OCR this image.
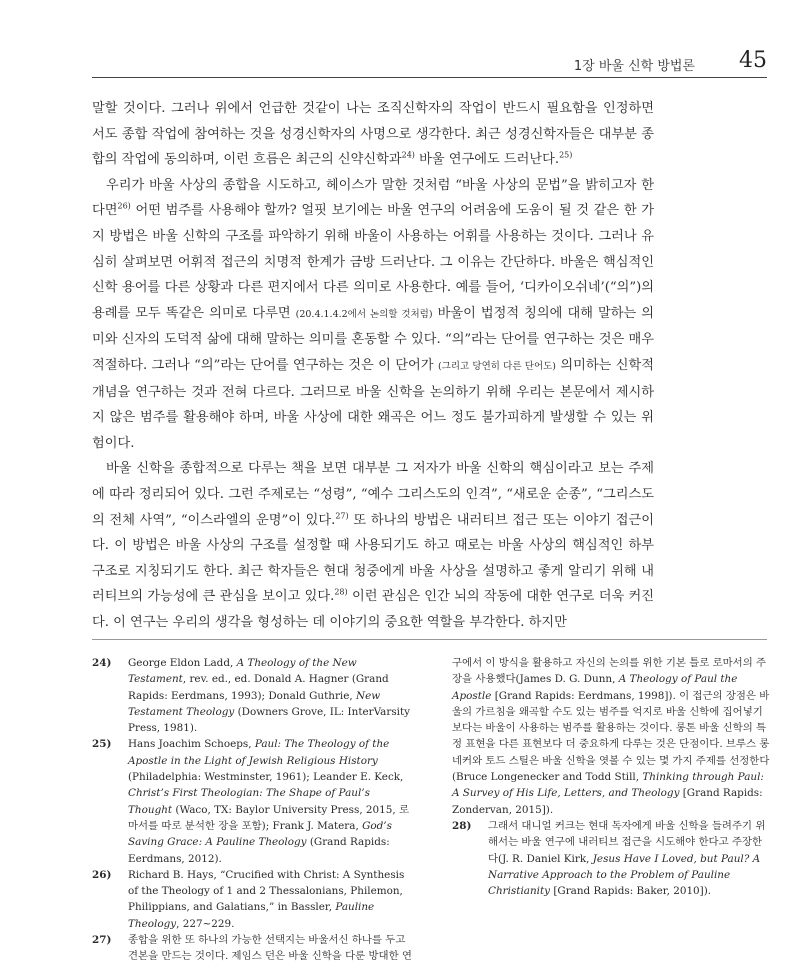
1장 바울 신학 방법론 45

말할 것이다. 그러나 위에서 언급한 것같이 나는 조직신학자의 작업이 반드시 필요함을 인정하면 서도 종합 작업에 참여하는 것을 성경신학자의 사명으로 생각한다. 최근 성경신학자들은 대부분 종합의 작업에 동의하며, 이런 흐름은 최근의 신약신학과$^{24)}$ 바울 연구에도 드러난다.$^{25)}$

우리가 바울 사상의 종합을 시도하고, 헤이스가 말한 것처럼 “바울 사상의 문법”을 밝히고자 한다면$^{26)}$ 어떤 범주를 사용해야 할까? 얼핏 보기에는 바울 연구의 어려움에 도움이 될 것 같은 한 가지 방법은 바울 신학의 구조를 파악하기 위해 바울이 사용하는 어휘를 사용하는 것이다. 그러나 유심히 살펴보면 어휘적 접근의 치명적 한계가 금방 드러난다. 그 이유는 간단하다. 바울은 핵심적인 신학 용어를 다른 상황과 다른 편지에서 다른 의미로 사용한다. 예를 들어, ‘디카이오쉬네’(“의”)의 용례를 모두 똑같은 의미로 다루면 (20.4.1.4.2에서 논의할 것처럼) 바울이 법정적 칭의에 대해 말하는 의미와 신자의 도덕적 삶에 대해 말하는 의미를 혼동할 수 있다. “의”라는 단어를 연구하는 것은 매우 적절하다. 그러나 “의”라는 단어를 연구하는 것은 이 단어가 (그리고 당연히 다른 단어도) 의미하는 신학적 개념을 연구하는 것과 전혀 다르다. 그러므로 바울 신학을 논의하기 위해 우리는 본문에서 제시하지 않은 범주를 활용해야 하며, 바울 사상에 대한 왜곡은 어느 정도 불가피하게 발생할 수 있는 위험이다.

바울 신학을 종합적으로 다루는 책을 보면 대부분 그 저자가 바울 신학의 핵심이라고 보는 주제에 따라 정리되어 있다. 그런 주제로는 “성령”, “예수 그리스도의 인격”, “새로운 순종”, “그리스도의 전체 사역”, “이스라엘의 운명”이 있다.$^{27)}$ 또 하나의 방법은 내러티브 접근 또는 이야기 접근이다. 이 방법은 바울 사상의 구조를 설정할 때 사용되기도 하고 때로는 바울 사상의 핵심적인 하부 구조로 지칭되기도 한다. 최근 학자들은 현대 청중에게 바울 사상을 설명하고 좋게 알리기 위해 내러티브의 가능성에 큰 관심을 보이고 있다.$^{28)}$ 이런 관심은 인간 뇌의 작동에 대한 연구로 더욱 커진다. 이 연구는 우리의 생각을 형성하는 데 이야기의 중요한 역할을 부각한다. 하지만

24) George Eldon Ladd, A Theology of the New Testament, rev. ed., ed. Donald A. Hagner (Grand Rapids: Eerdmans, 1993); Donald Guthrie, New Testament Theology (Downers Grove, IL: InterVarsity Press, 1981).
25) Hans Joachim Schoeps, Paul: The Theology of the Apostle in the Light of Jewish Religious History (Philadelphia: Westminster, 1961); Leander E. Keck, Christ’s First Theologian: The Shape of Paul’s Thought (Waco, TX: Baylor University Press, 2015, 로마서를 따로 분석한 장을 포함); Frank J. Matera, God’s Saving Grace: A Pauline Theology (Grand Rapids: Eerdmans, 2012).
26) Richard B. Hays, “Crucified with Christ: A Synthesis of the Theology of 1 and 2 Thessalonians, Philemon, Philippians, and Galatians,” in Bassler, Pauline Theology, 227~229.
27) 종합을 위한 또 하나의 가능한 선택지는 바울서신 하나를 두고 견본을 만드는 것이다. 제임스 던은 바울 신학을 다룬 방대한 연
구에서 이 방식을 활용하고 자신의 논의를 위한 기본 틀로 로마서의 주장을 사용했다(James D. G. Dunn, A Theology of Paul the Apostle [Grand Rapids: Eerdmans, 1998]). 이 접근의 장점은 바울의 가르침을 왜곡할 수도 있는 범주를 억지로 바울 신학에 집어넣기보다는 바울이 사용하는 범주를 활용하는 것이다. 롱톤 바울 신학의 특정 표현을 다른 표현보다 더 중요하게 다루는 것은 단점이다. 브루스 롱네커와 토드 스틸은 바울 신학을 엿볼 수 있는 몇 가지 주제를 선정한다(Bruce Longenecker and Todd Still, Thinking through Paul: A Survey of His Life, Letters, and Theology [Grand Rapids: Zondervan, 2015]).
28) 그래서 대니얼 커크는 현대 독자에게 바울 신학을 들려주기 위해서는 바울 연구에 내러티브 접근을 시도해야 한다고 주장한다(J. R. Daniel Kirk, Jesus Have I Loved, but Paul? A Narrative Approach to the Problem of Pauline Christianity [Grand Rapids: Baker, 2010]).
